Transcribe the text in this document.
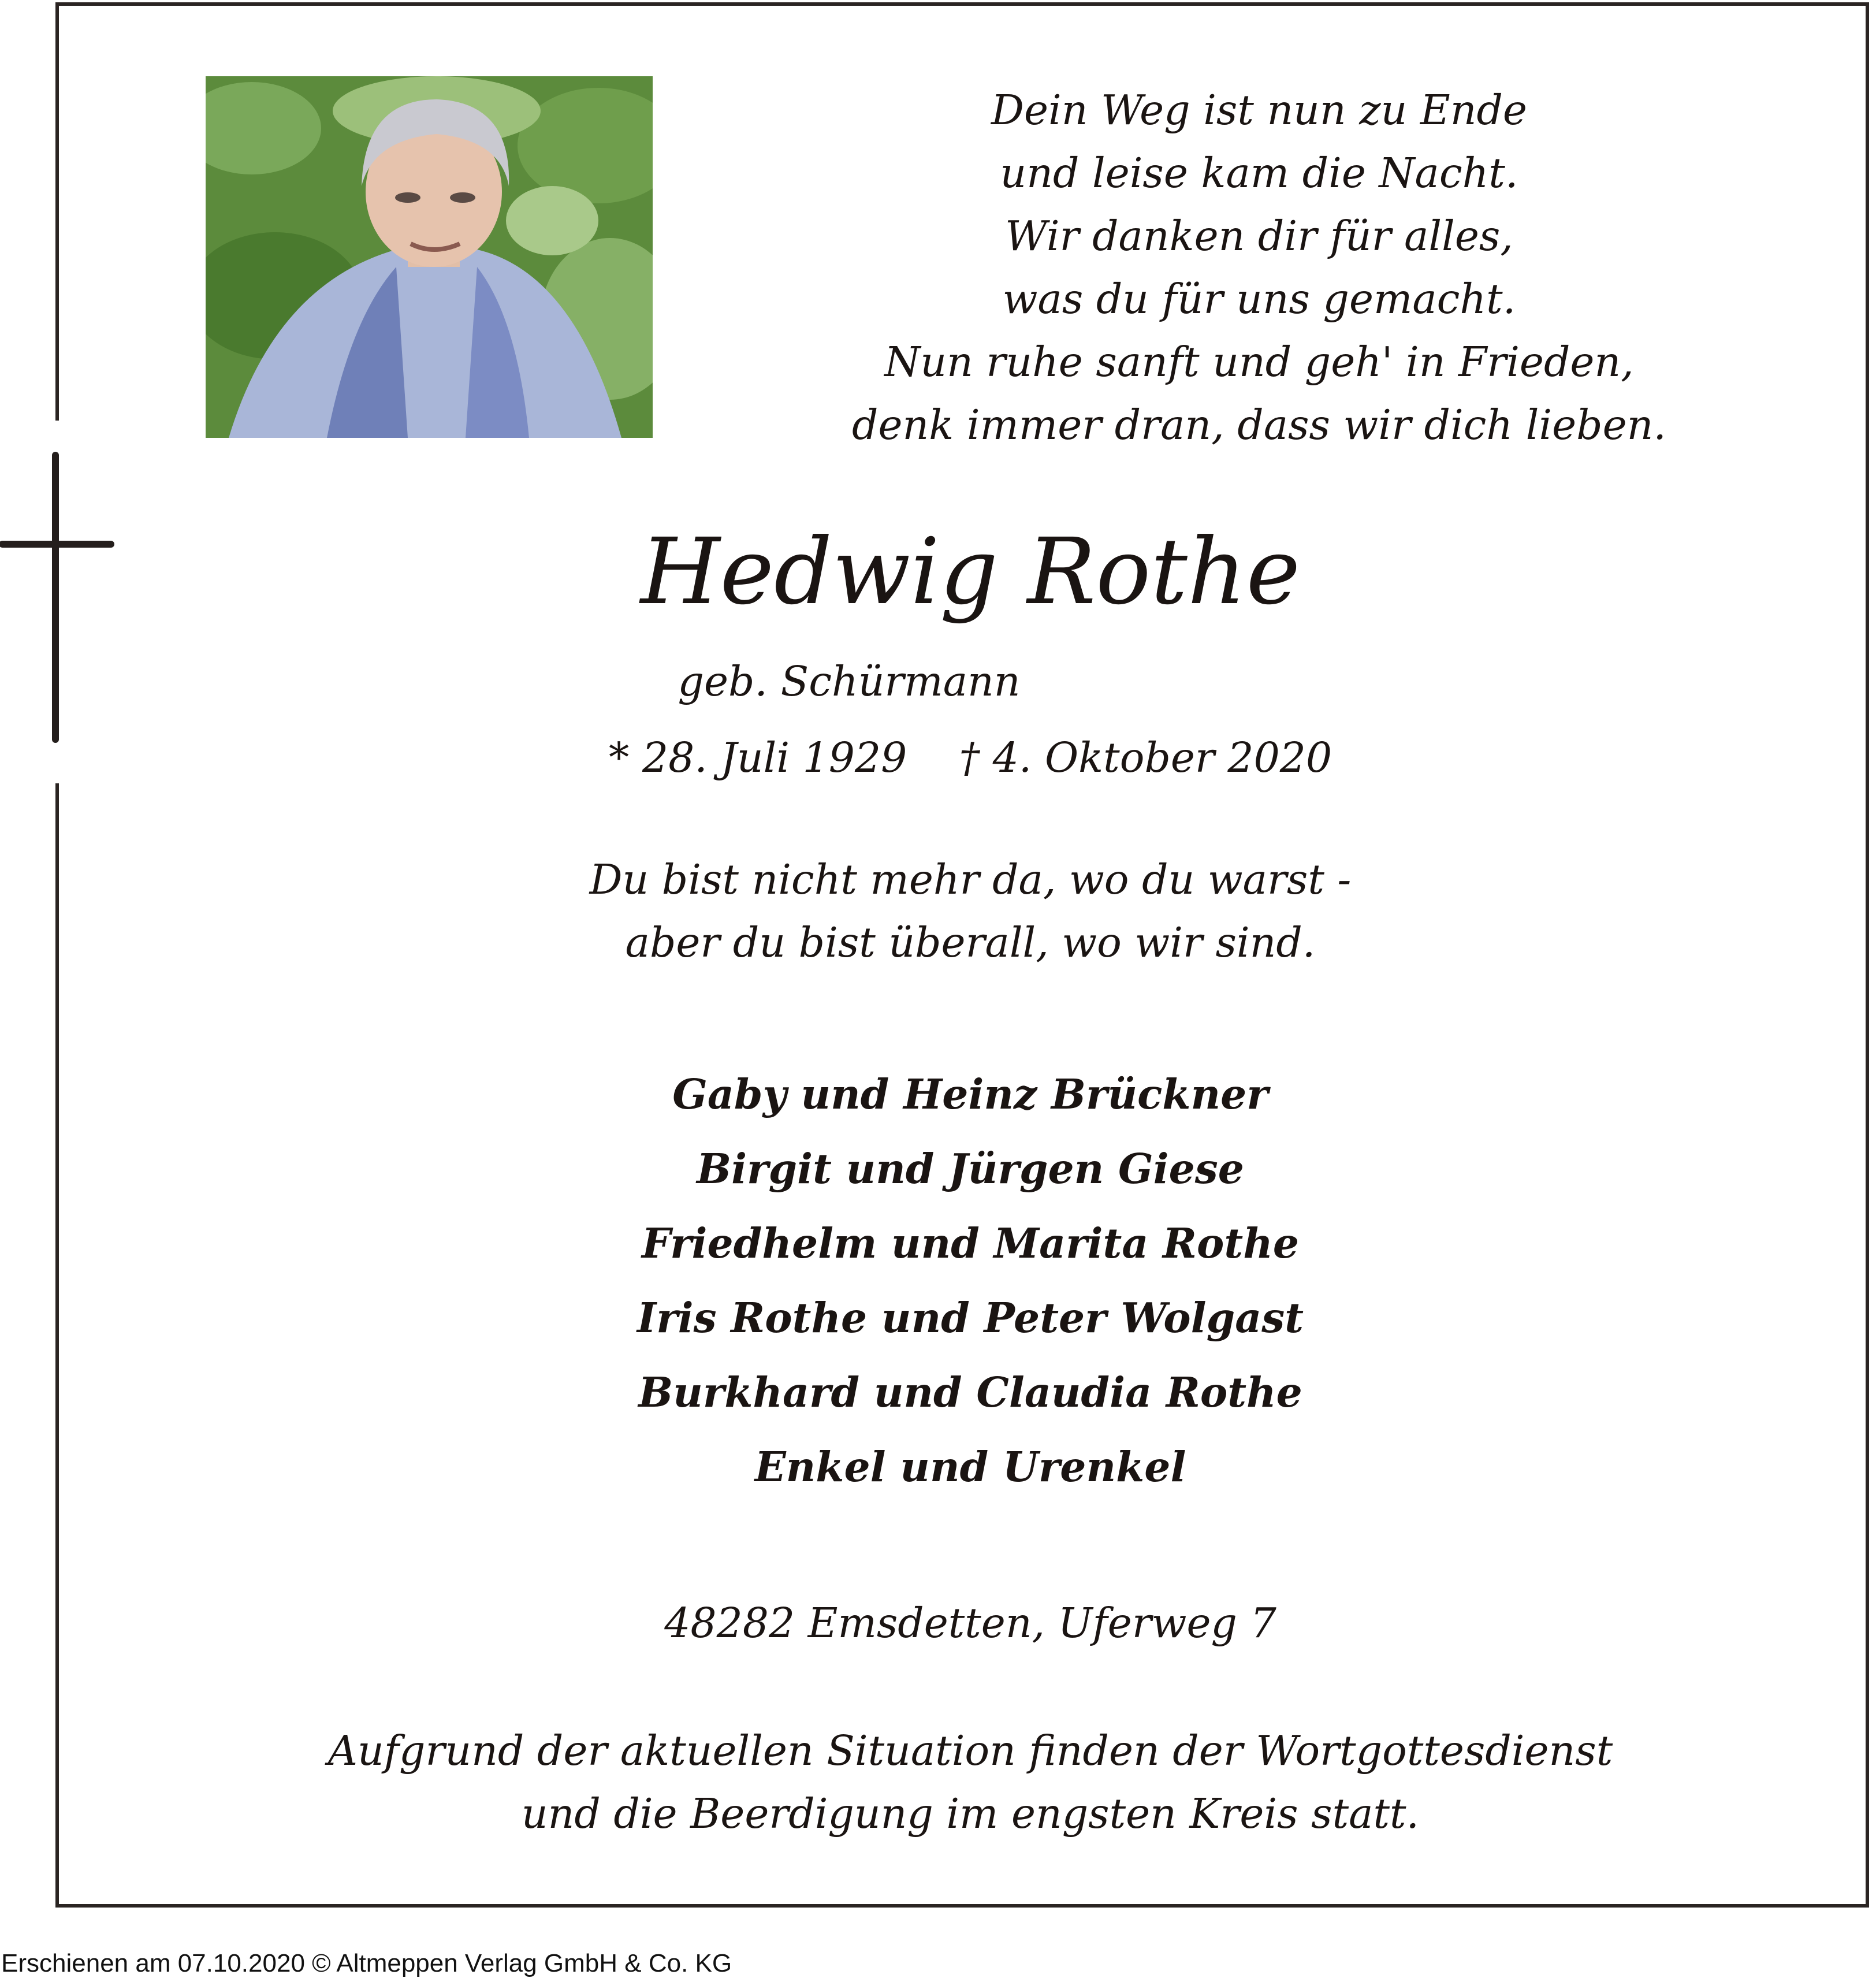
Dein Weg ist nun zu Ende
und leise kam die Nacht.
Wir danken dir für alles,
was du für uns gemacht.
Nun ruhe sanft und geh' in Frieden,
denk immer dran, dass wir dich lieben.
Hedwig Rothe
geb. Schürmann
* 28. Juli 1929    † 4. Oktober 2020
Du bist nicht mehr da, wo du warst -
aber du bist überall, wo wir sind.
Gaby und Heinz Brückner
Birgit und Jürgen Giese
Friedhelm und Marita Rothe
Iris Rothe und Peter Wolgast
Burkhard und Claudia Rothe
Enkel und Urenkel
48282 Emsdetten, Uferweg 7
Aufgrund der aktuellen Situation finden der Wortgottesdienst
und die Beerdigung im engsten Kreis statt.
Erschienen am 07.10.2020 © Altmeppen Verlag GmbH & Co. KG
